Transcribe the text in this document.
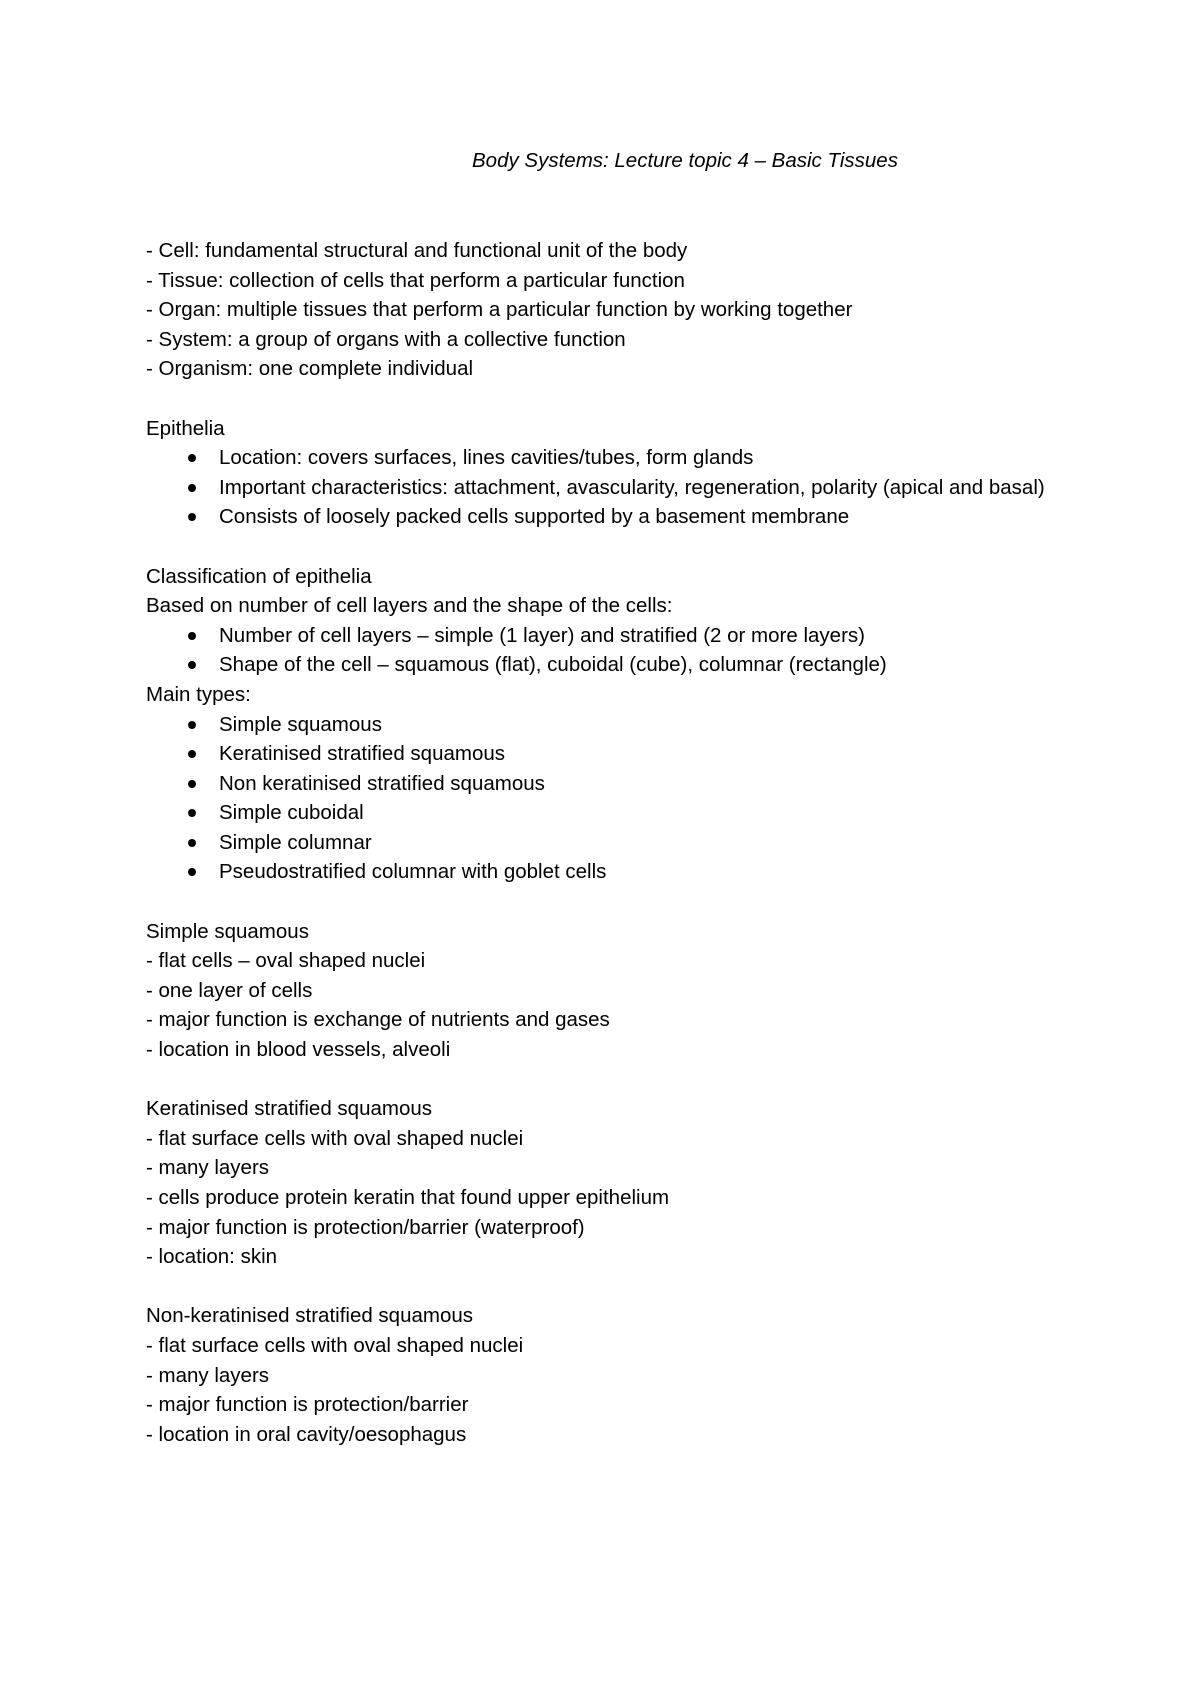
Body Systems: Lecture topic 4 – Basic Tissues
- Cell: fundamental structural and functional unit of the body
- Tissue: collection of cells that perform a particular function
- Organ: multiple tissues that perform a particular function by working together
- System: a group of organs with a collective function
- Organism: one complete individual
Epithelia
Location: covers surfaces, lines cavities/tubes, form glands
Important characteristics: attachment, avascularity, regeneration, polarity (apical and basal)
Consists of loosely packed cells supported by a basement membrane
Classification of epithelia
Based on number of cell layers and the shape of the cells:
Number of cell layers – simple (1 layer) and stratified (2 or more layers)
Shape of the cell – squamous (flat), cuboidal (cube), columnar (rectangle)
Main types:
Simple squamous
Keratinised stratified squamous
Non keratinised stratified squamous
Simple cuboidal
Simple columnar
Pseudostratified columnar with goblet cells
Simple squamous
- flat cells – oval shaped nuclei
- one layer of cells
- major function is exchange of nutrients and gases
- location in blood vessels, alveoli
Keratinised stratified squamous
- flat surface cells with oval shaped nuclei
- many layers
- cells produce protein keratin that found upper epithelium
- major function is protection/barrier (waterproof)
- location: skin
Non-keratinised stratified squamous
- flat surface cells with oval shaped nuclei
- many layers
- major function is protection/barrier
- location in oral cavity/oesophagus
